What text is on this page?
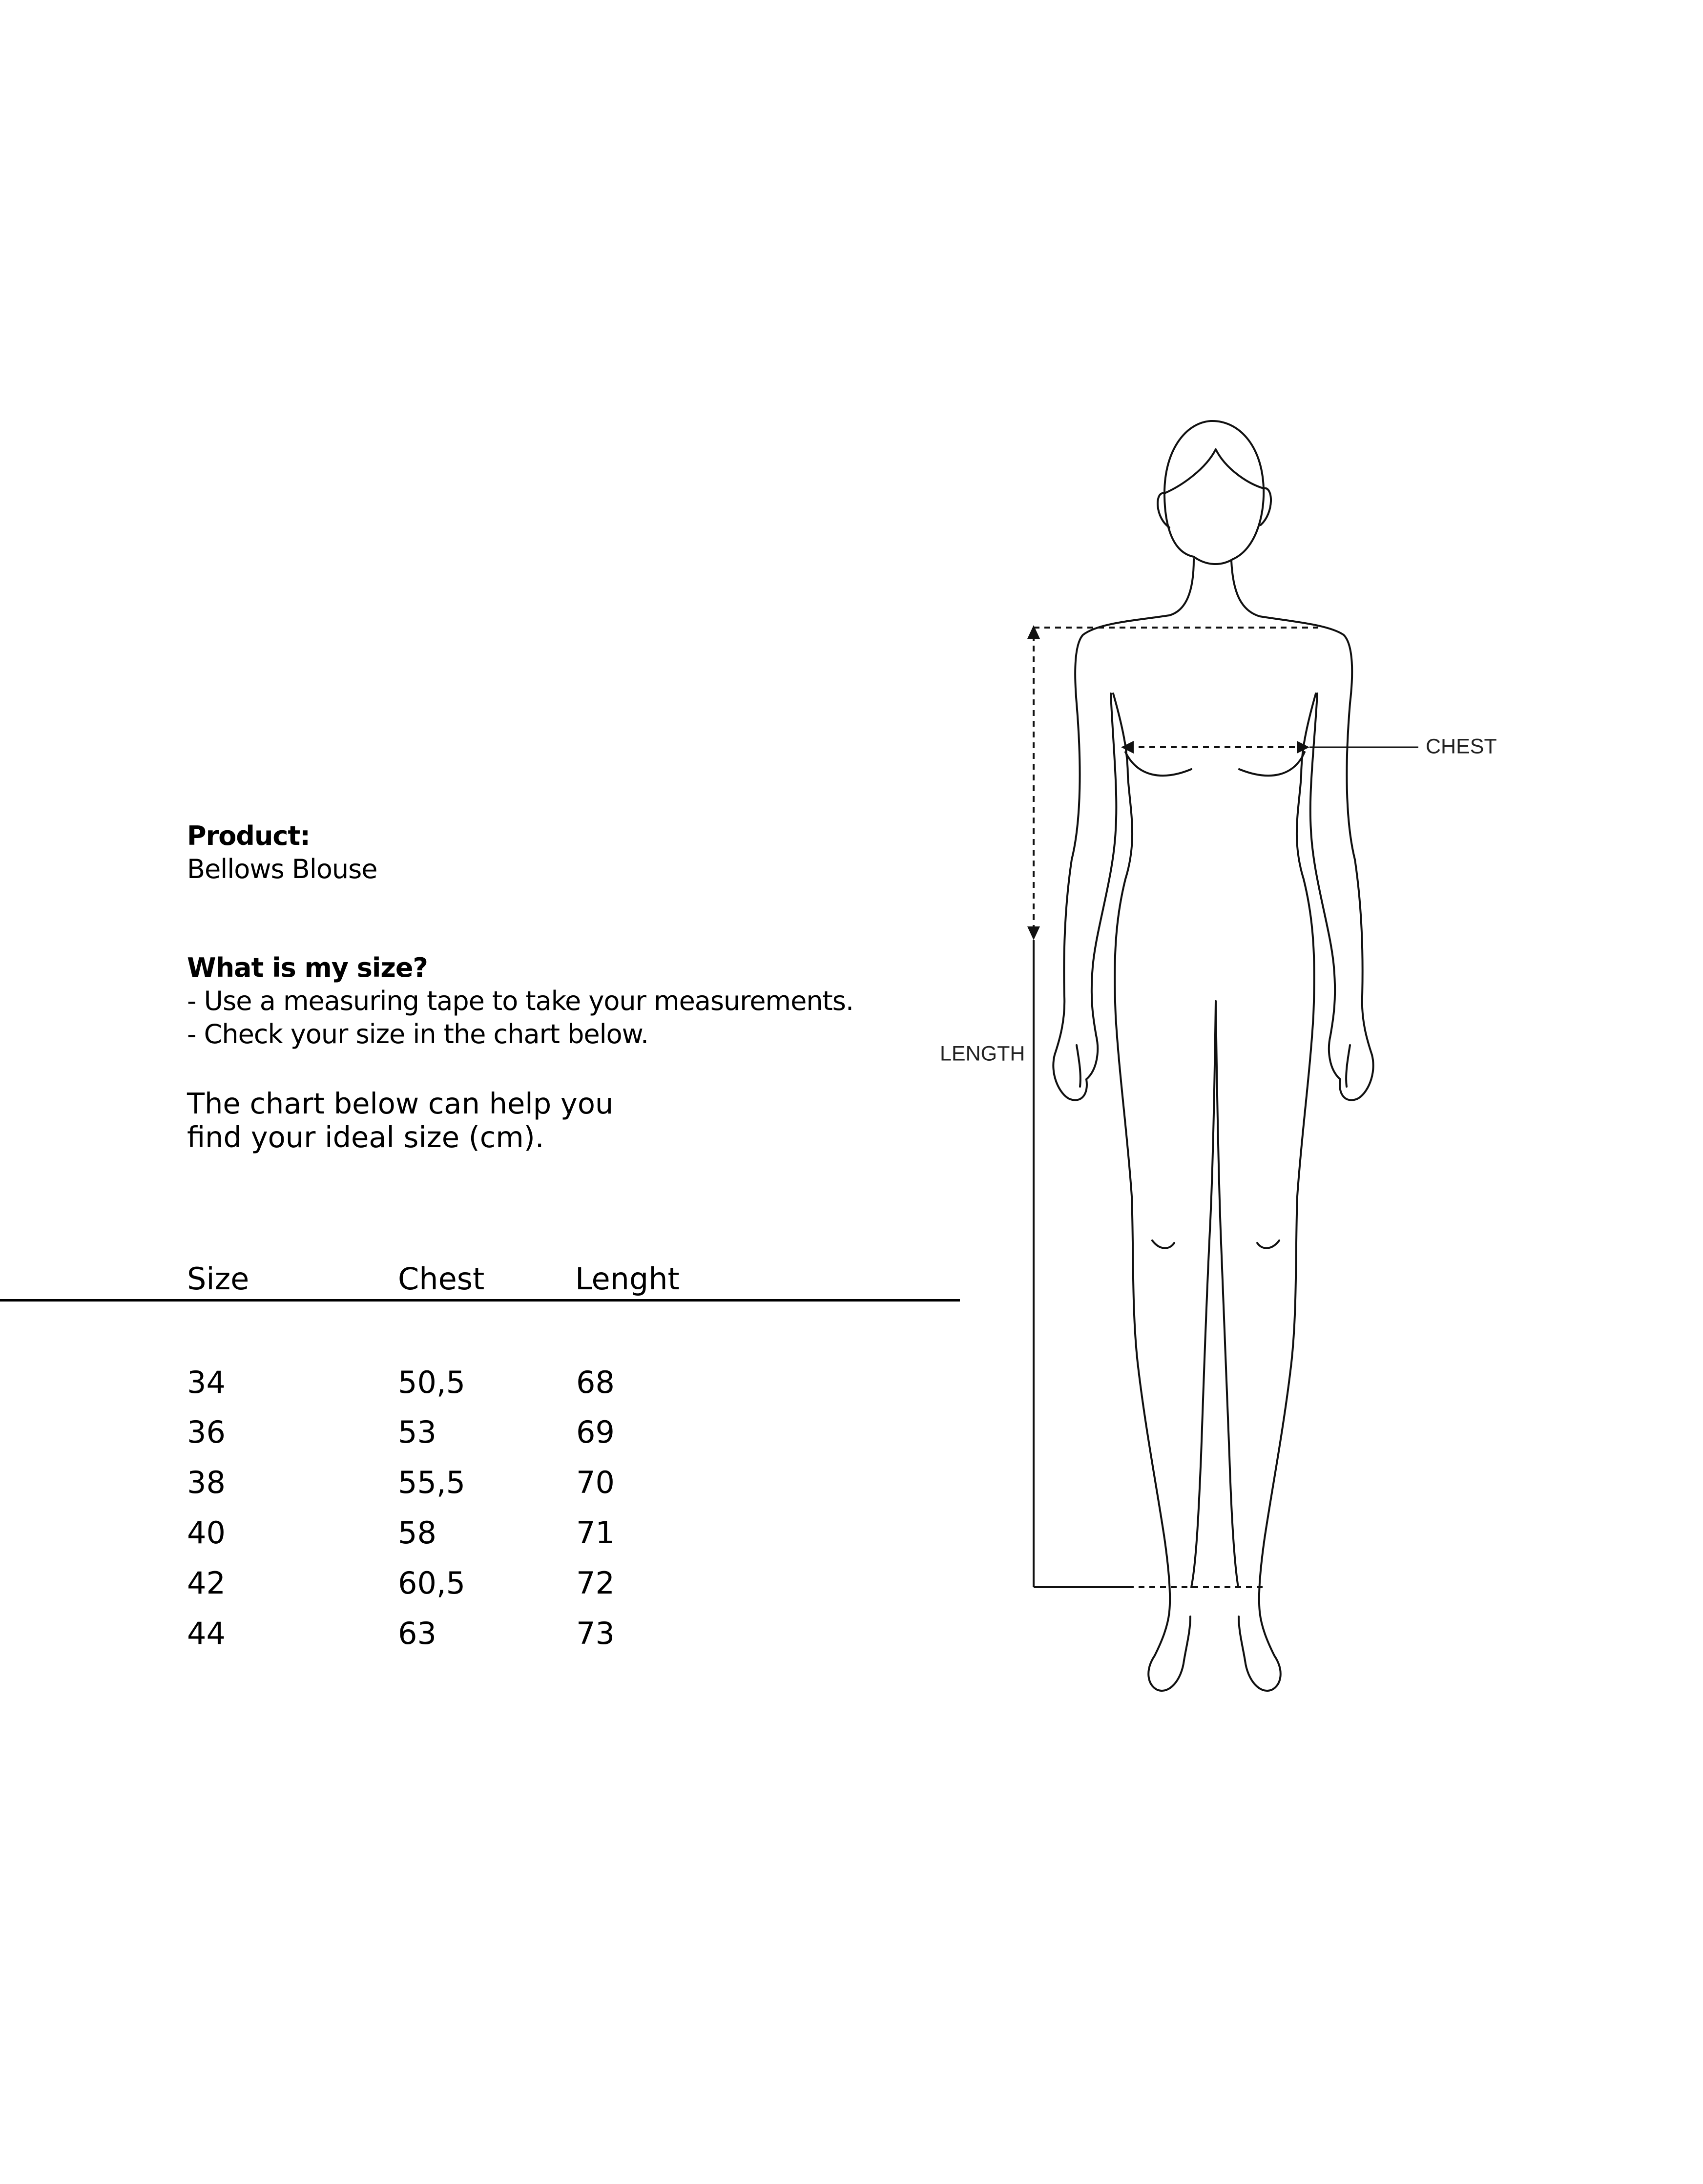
Product:
Bellows Blouse
What is my size?
- Use a measuring tape to take your measurements.
- Check your size in the chart below.
The chart below can help you
find your ideal size (cm).
Size	Chest	Lenght
34	50,5	68
36	53	69
38	55,5	70
40	58	71
42	60,5	72
44	63	73
CHEST
LENGTH
